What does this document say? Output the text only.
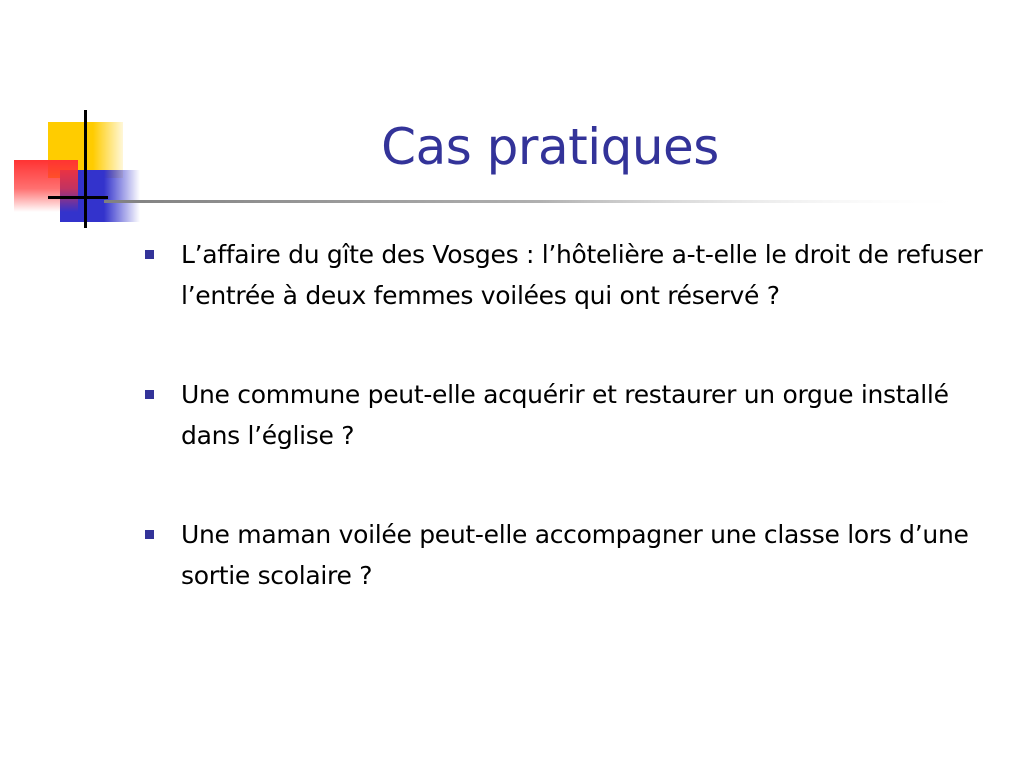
Cas pratiques
L’affaire du gîte des Vosges : l’hôtelière a-t-elle le droit de refuser l’entrée à deux femmes voilées qui ont réservé ?
Une commune peut-elle acquérir et restaurer un orgue installé dans l’église ?
Une maman voilée peut-elle accompagner une classe lors d’une sortie scolaire ?
